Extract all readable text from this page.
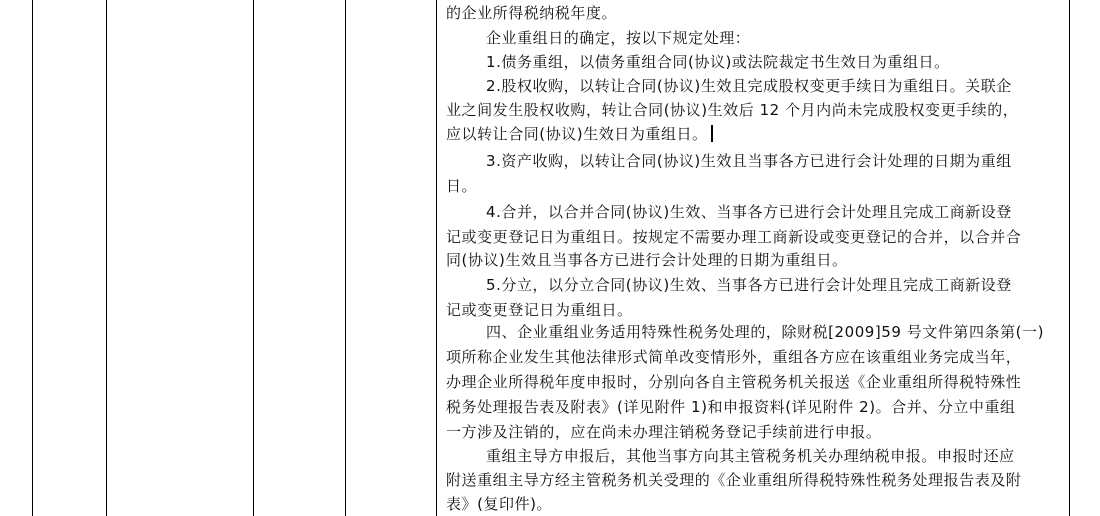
的企业所得税纳税年度。
企业重组日的确定，按以下规定处理：
1.债务重组，以债务重组合同(协议)或法院裁定书生效日为重组日。
2.股权收购，以转让合同(协议)生效且完成股权变更手续日为重组日。关联企
业之间发生股权收购，转让合同(协议)生效后 12 个月内尚未完成股权变更手续的，
应以转让合同(协议)生效日为重组日。
3.资产收购，以转让合同(协议)生效且当事各方已进行会计处理的日期为重组
日。
4.合并，以合并合同(协议)生效、当事各方已进行会计处理且完成工商新设登
记或变更登记日为重组日。按规定不需要办理工商新设或变更登记的合并，以合并合
同(协议)生效且当事各方已进行会计处理的日期为重组日。
5.分立，以分立合同(协议)生效、当事各方已进行会计处理且完成工商新设登
记或变更登记日为重组日。
四、企业重组业务适用特殊性税务处理的，除财税[2009]59 号文件第四条第(一)
项所称企业发生其他法律形式简单改变情形外，重组各方应在该重组业务完成当年，
办理企业所得税年度申报时，分别向各自主管税务机关报送《企业重组所得税特殊性
税务处理报告表及附表》(详见附件 1)和申报资料(详见附件 2)。合并、分立中重组
一方涉及注销的，应在尚未办理注销税务登记手续前进行申报。
重组主导方申报后，其他当事方向其主管税务机关办理纳税申报。申报时还应
附送重组主导方经主管税务机关受理的《企业重组所得税特殊性税务处理报告表及附
表》(复印件)。
